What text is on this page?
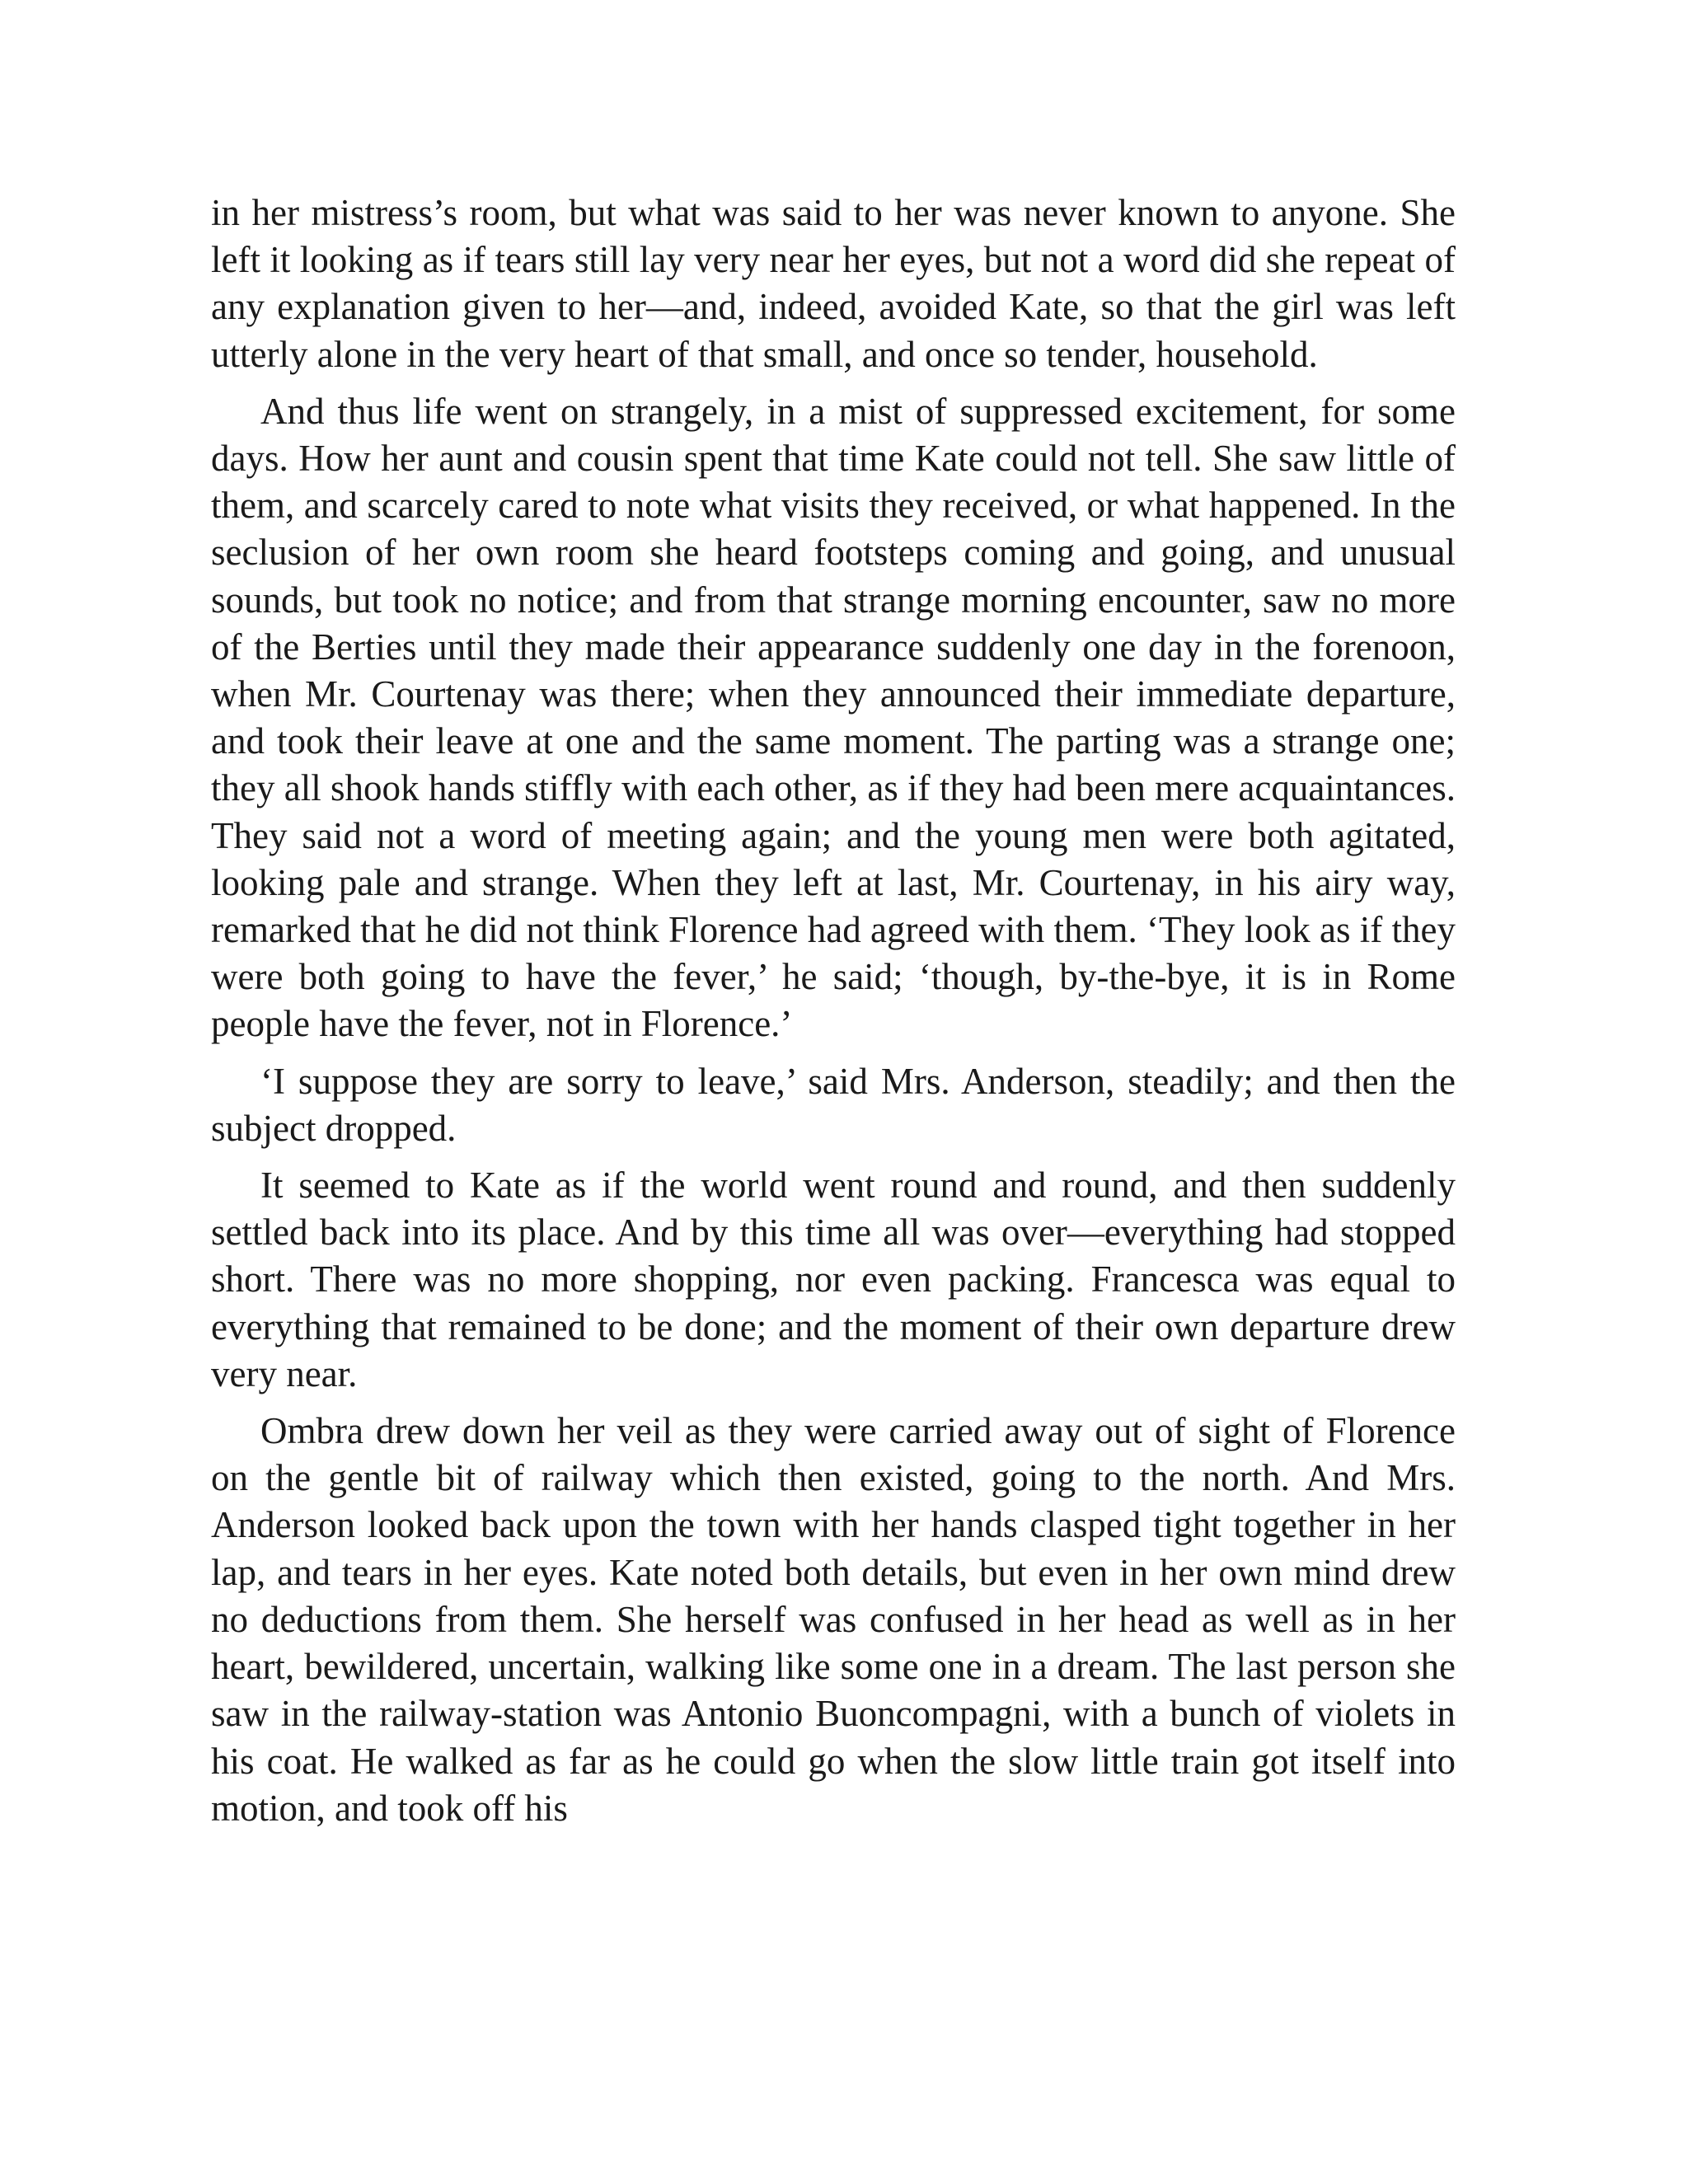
in her mistress’s room, but what was said to her was never known to anyone. She left it looking as if tears still lay very near her eyes, but not a word did she repeat of any explanation given to her—and, indeed, avoided Kate, so that the girl was left utterly alone in the very heart of that small, and once so tender, household.

And thus life went on strangely, in a mist of suppressed excitement, for some days. How her aunt and cousin spent that time Kate could not tell. She saw little of them, and scarcely cared to note what visits they received, or what happened. In the seclusion of her own room she heard footsteps coming and going, and unusual sounds, but took no notice; and from that strange morning encounter, saw no more of the Berties until they made their appearance suddenly one day in the forenoon, when Mr. Courtenay was there; when they announced their immediate departure, and took their leave at one and the same moment. The parting was a strange one; they all shook hands stiffly with each other, as if they had been mere acquaintances. They said not a word of meeting again; and the young men were both agitated, looking pale and strange. When they left at last, Mr. Courtenay, in his airy way, remarked that he did not think Florence had agreed with them. ‘They look as if they were both going to have the fever,’ he said; ‘though, by-the-bye, it is in Rome people have the fever, not in Florence.’

‘I suppose they are sorry to leave,’ said Mrs. Anderson, steadily; and then the subject dropped.

It seemed to Kate as if the world went round and round, and then suddenly settled back into its place. And by this time all was over—everything had stopped short. There was no more shopping, nor even packing. Francesca was equal to everything that remained to be done; and the moment of their own departure drew very near.

Ombra drew down her veil as they were carried away out of sight of Florence on the gentle bit of railway which then existed, going to the north. And Mrs. Anderson looked back upon the town with her hands clasped tight together in her lap, and tears in her eyes. Kate noted both details, but even in her own mind drew no deductions from them. She herself was confused in her head as well as in her heart, bewildered, uncertain, walking like some one in a dream. The last person she saw in the railway-station was Antonio Buoncompagni, with a bunch of violets in his coat. He walked as far as he could go when the slow little train got itself into motion, and took off his
